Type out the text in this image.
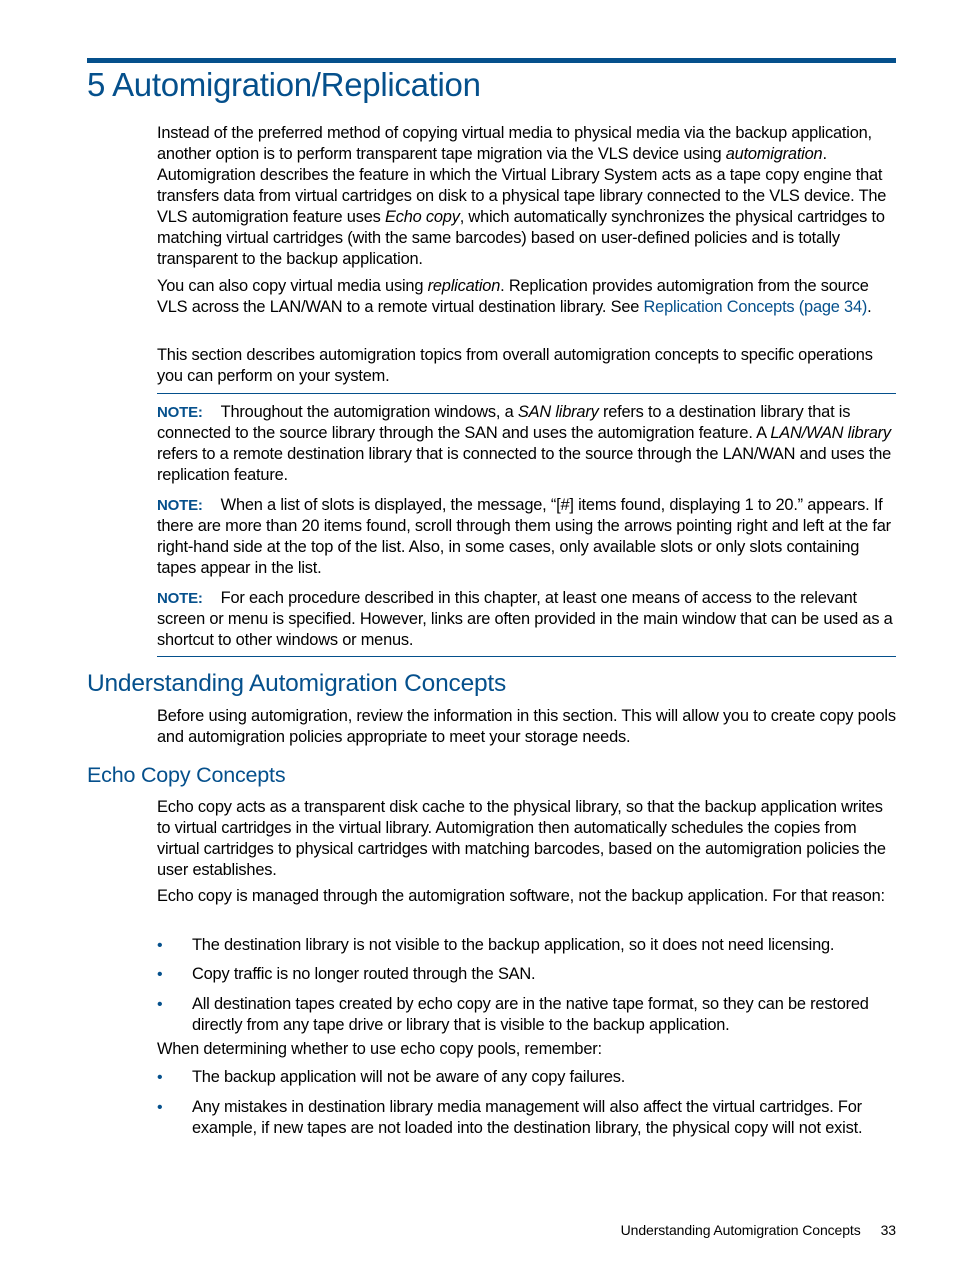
5 Automigration/Replication

Instead of the preferred method of copying virtual media to physical media via the backup application, another option is to perform transparent tape migration via the VLS device using automigration. Automigration describes the feature in which the Virtual Library System acts as a tape copy engine that transfers data from virtual cartridges on disk to a physical tape library connected to the VLS device. The VLS automigration feature uses Echo copy, which automatically synchronizes the physical cartridges to matching virtual cartridges (with the same barcodes) based on user-defined policies and is totally transparent to the backup application.

You can also copy virtual media using replication. Replication provides automigration from the source VLS across the LAN/WAN to a remote virtual destination library. See Replication Concepts (page 34).

This section describes automigration topics from overall automigration concepts to specific operations you can perform on your system.

NOTE: Throughout the automigration windows, a SAN library refers to a destination library that is connected to the source library through the SAN and uses the automigration feature. A LAN/WAN library refers to a remote destination library that is connected to the source through the LAN/WAN and uses the replication feature.

NOTE: When a list of slots is displayed, the message, “[#] items found, displaying 1 to 20.” appears. If there are more than 20 items found, scroll through them using the arrows pointing right and left at the far right-hand side at the top of the list. Also, in some cases, only available slots or only slots containing tapes appear in the list.

NOTE: For each procedure described in this chapter, at least one means of access to the relevant screen or menu is specified. However, links are often provided in the main window that can be used as a shortcut to other windows or menus.

Understanding Automigration Concepts

Before using automigration, review the information in this section. This will allow you to create copy pools and automigration policies appropriate to meet your storage needs.

Echo Copy Concepts

Echo copy acts as a transparent disk cache to the physical library, so that the backup application writes to virtual cartridges in the virtual library. Automigration then automatically schedules the copies from virtual cartridges to physical cartridges with matching barcodes, based on the automigration policies the user establishes.

Echo copy is managed through the automigration software, not the backup application. For that reason:

• The destination library is not visible to the backup application, so it does not need licensing.
• Copy traffic is no longer routed through the SAN.
• All destination tapes created by echo copy are in the native tape format, so they can be restored directly from any tape drive or library that is visible to the backup application.

When determining whether to use echo copy pools, remember:

• The backup application will not be aware of any copy failures.
• Any mistakes in destination library media management will also affect the virtual cartridges. For example, if new tapes are not loaded into the destination library, the physical copy will not exist.
Understanding Automigration Concepts 33
